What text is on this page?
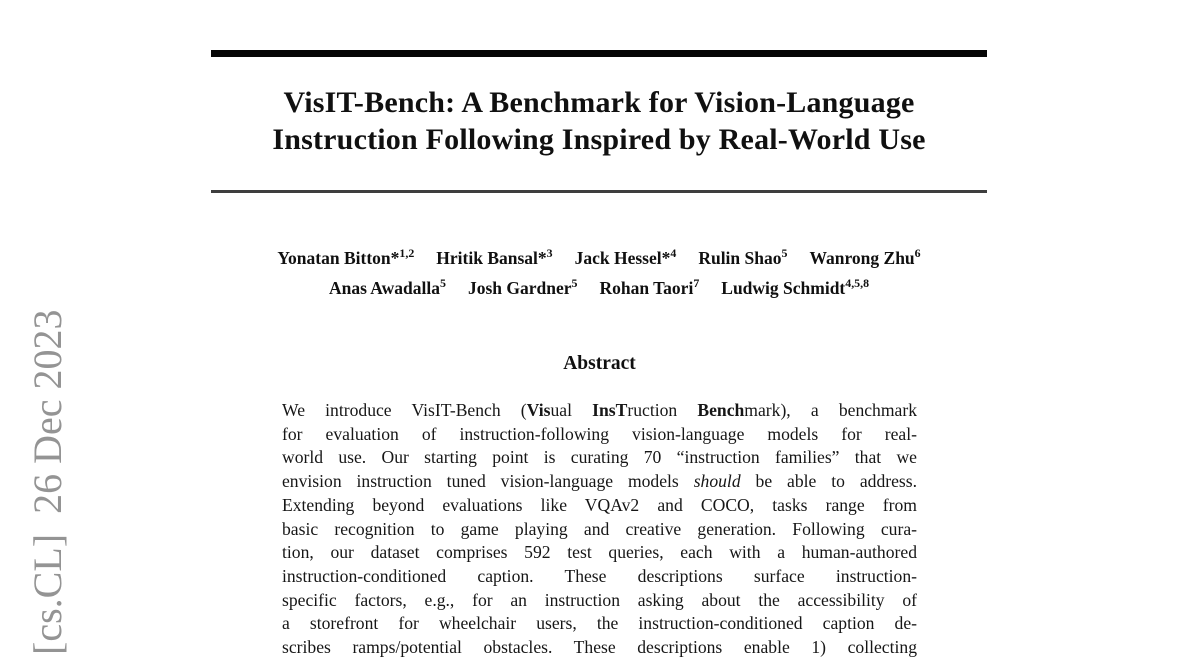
VisIT-Bench: A Benchmark for Vision-Language
Instruction Following Inspired by Real-World Use
Yonatan Bitton*$^{1,2}$ Hritik Bansal*$^3$ Jack Hessel*$^4$ Rulin Shao$^5$ Wanrong Zhu$^6$
Anas Awadalla$^5$ Josh Gardner$^5$ Rohan Taori$^7$ Ludwig Schmidt$^{4,5,8}$
Abstract
We introduce VisIT-Bench (Visual InsTruction Benchmark), a benchmark
for evaluation of instruction-following vision-language models for real-
world use. Our starting point is curating 70 “instruction families” that we
envision instruction tuned vision-language models should be able to address.
Extending beyond evaluations like VQAv2 and COCO, tasks range from
basic recognition to game playing and creative generation. Following cura-
tion, our dataset comprises 592 test queries, each with a human-authored
instruction-conditioned caption. These descriptions surface instruction-
specific factors, e.g., for an instruction asking about the accessibility of
a storefront for wheelchair users, the instruction-conditioned caption de-
scribes ramps/potential obstacles. These descriptions enable 1) collecting
[cs.CL]  26 Dec 2023
